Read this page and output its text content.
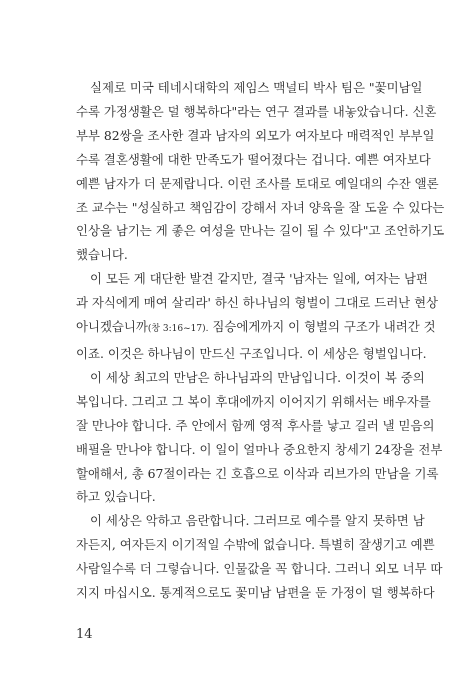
실제로 미국 테네시대학의 제임스 맥널티 박사 팀은 "꽃미남일
수록 가정생활은 덜 행복하다"라는 연구 결과를 내놓았습니다. 신혼
부부 82쌍을 조사한 결과 남자의 외모가 여자보다 매력적인 부부일
수록 결혼생활에 대한 만족도가 떨어졌다는 겁니다. 예쁜 여자보다
예쁜 남자가 더 문제랍니다. 이런 조사를 토대로 예일대의 수잔 앨론
조 교수는 "성실하고 책임감이 강해서 자녀 양육을 잘 도울 수 있다는
인상을 남기는 게 좋은 여성을 만나는 길이 될 수 있다"고 조언하기도
했습니다.

이 모든 게 대단한 발견 같지만, 결국 '남자는 일에, 여자는 남편
과 자식에게 매여 살리라' 하신 하나님의 형벌이 그대로 드러난 현상
아니겠습니까(창 3:16~17). 짐승에게까지 이 형벌의 구조가 내려간 것
이죠. 이것은 하나님이 만드신 구조입니다. 이 세상은 형벌입니다.

이 세상 최고의 만남은 하나님과의 만남입니다. 이것이 복 중의
복입니다. 그리고 그 복이 후대에까지 이어지기 위해서는 배우자를
잘 만나야 합니다. 주 안에서 함께 영적 후사를 낳고 길러 낼 믿음의
배필을 만나야 합니다. 이 일이 얼마나 중요한지 창세기 24장을 전부
할애해서, 총 67절이라는 긴 호흡으로 이삭과 리브가의 만남을 기록
하고 있습니다.

이 세상은 악하고 음란합니다. 그러므로 예수를 알지 못하면 남
자든지, 여자든지 이기적일 수밖에 없습니다. 특별히 잘생기고 예쁜
사람일수록 더 그렇습니다. 인물값을 꼭 합니다. 그러니 외모 너무 따
지지 마십시오. 통계적으로도 꽃미남 남편을 둔 가정이 덜 행복하다

14
